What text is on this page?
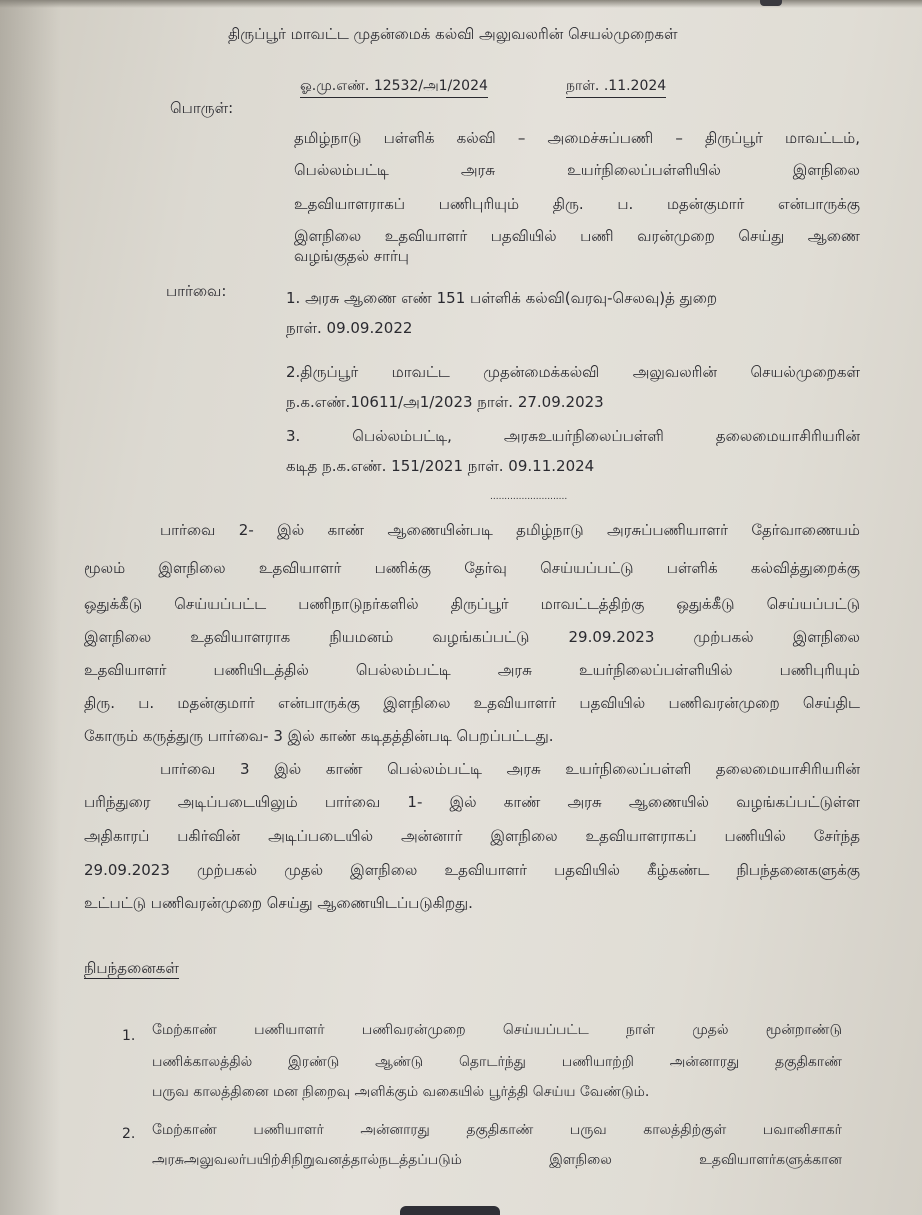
திருப்பூர் மாவட்ட முதன்மைக் கல்வி அலுவலரின் செயல்முறைகள்
ஓ.மு.எண். 12532/அ1/2024	நாள். .11.2024
பொருள்:
தமிழ்நாடு பள்ளிக் கல்வி – அமைச்சுப்பணி – திருப்பூர் மாவட்டம்,
பெல்லம்பட்டி அரசு உயர்நிலைப்பள்ளியில் இளநிலை
உதவியாளராகப் பணிபுரியும் திரு. ப. மதன்குமார் என்பாருக்கு
இளநிலை உதவியாளர் பதவியில் பணி வரன்முறை செய்து ஆணை
வழங்குதல் சார்பு
பார்வை:	1. அரசு ஆணை எண் 151 பள்ளிக் கல்வி(வரவு-செலவு)த் துறை
நாள். 09.09.2022
2.திருப்பூர் மாவட்ட முதன்மைக்கல்வி அலுவலரின் செயல்முறைகள்
ந.க.எண்.10611/அ1/2023 நாள். 27.09.2023
3. பெல்லம்பட்டி, அரசுஉயர்நிலைப்பள்ளி தலைமையாசிரியரின்
கடித ந.க.எண். 151/2021 நாள். 09.11.2024
...........................
பார்வை 2- இல் காண் ஆணையின்படி தமிழ்நாடு அரசுப்பணியாளர் தேர்வாணையம்
மூலம் இளநிலை உதவியாளர் பணிக்கு தேர்வு செய்யப்பட்டு பள்ளிக் கல்வித்துறைக்கு
ஒதுக்கீடு செய்யப்பட்ட பணிநாடுநர்களில் திருப்பூர் மாவட்டத்திற்கு ஒதுக்கீடு செய்யப்பட்டு
இளநிலை உதவியாளராக நியமனம் வழங்கப்பட்டு 29.09.2023 முற்பகல் இளநிலை
உதவியாளர் பணியிடத்தில் பெல்லம்பட்டி அரசு உயர்நிலைப்பள்ளியில் பணிபுரியும்
திரு. ப. மதன்குமார் என்பாருக்கு இளநிலை உதவியாளர் பதவியில் பணிவரன்முறை செய்திட
கோரும் கருத்துரு பார்வை- 3 இல் காண் கடிதத்தின்படி பெறப்பட்டது.
பார்வை 3 இல் காண் பெல்லம்பட்டி அரசு உயர்நிலைப்பள்ளி தலைமையாசிரியரின்
பரிந்துரை அடிப்படையிலும் பார்வை 1- இல் காண் அரசு ஆணையில் வழங்கப்பட்டுள்ள
அதிகாரப் பகிர்வின் அடிப்படையில் அன்னார் இளநிலை உதவியாளராகப் பணியில் சேர்ந்த
29.09.2023 முற்பகல் முதல் இளநிலை உதவியாளர் பதவியில் கீழ்கண்ட நிபந்தனைகளுக்கு
உட்பட்டு பணிவரன்முறை செய்து ஆணையிடப்படுகிறது.
நிபந்தனைகள்
1. மேற்காண் பணியாளர் பணிவரன்முறை செய்யப்பட்ட நாள் முதல் மூன்றாண்டு
பணிக்காலத்தில் இரண்டு ஆண்டு தொடர்ந்து பணியாற்றி அன்னாரது தகுதிகாண்
பருவ காலத்தினை மன நிறைவு அளிக்கும் வகையில் பூர்த்தி செய்ய வேண்டும்.
2. மேற்காண் பணியாளர் அன்னாரது தகுதிகாண் பருவ காலத்திற்குள் பவானிசாகர்
அரசுஅலுவலர்பயிற்சிநிறுவனத்தால்நடத்தப்படும் இளநிலை உதவியாளர்களுக்கான
